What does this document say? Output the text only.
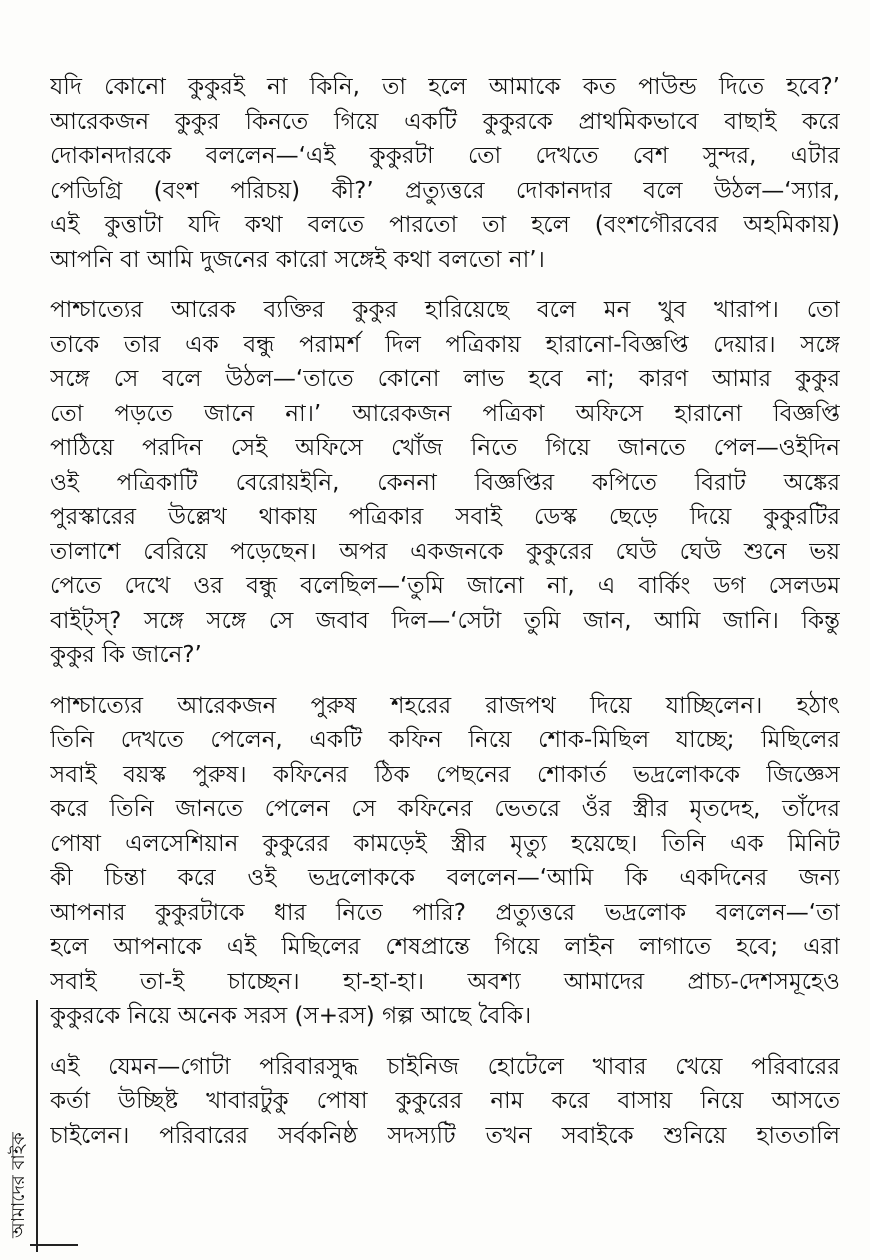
যদি কোনো কুকুরই না কিনি, তা হলে আমাকে কত পাউন্ড দিতে হবে?’
আরেকজন কুকুর কিনতে গিয়ে একটি কুকুরকে প্রাথমিকভাবে বাছাই করে
দোকানদারকে বললেন—‘এই কুকুরটা তো দেখতে বেশ সুন্দর, এটার
পেডিগ্রি (বংশ পরিচয়) কী?’ প্রত্যুত্তরে দোকানদার বলে উঠল—‘স্যার,
এই কুত্তাটা যদি কথা বলতে পারতো তা হলে (বংশগৌরবের অহমিকায়)
আপনি বা আমি দুজনের কারো সঙ্গেই কথা বলতো না’।
পাশ্চাত্যের আরেক ব্যক্তির কুকুর হারিয়েছে বলে মন খুব খারাপ। তো
তাকে তার এক বন্ধু পরামর্শ দিল পত্রিকায় হারানো-বিজ্ঞপ্তি দেয়ার। সঙ্গে
সঙ্গে সে বলে উঠল—‘তাতে কোনো লাভ হবে না; কারণ আমার কুকুর
তো পড়তে জানে না।’ আরেকজন পত্রিকা অফিসে হারানো বিজ্ঞপ্তি
পাঠিয়ে পরদিন সেই অফিসে খোঁজ নিতে গিয়ে জানতে পেল—ওইদিন
ওই পত্রিকাটি বেরোয়ইনি, কেননা বিজ্ঞপ্তির কপিতে বিরাট অঙ্কের
পুরস্কারের উল্লেখ থাকায় পত্রিকার সবাই ডেস্ক ছেড়ে দিয়ে কুকুরটির
তালাশে বেরিয়ে পড়েছেন। অপর একজনকে কুকুরের ঘেউ ঘেউ শুনে ভয়
পেতে দেখে ওর বন্ধু বলেছিল—‘তুমি জানো না, এ বার্কিং ডগ সেলডম
বাইট্‌স্? সঙ্গে সঙ্গে সে জবাব দিল—‘সেটা তুমি জান, আমি জানি। কিন্তু
কুকুর কি জানে?’
পাশ্চাত্যের আরেকজন পুরুষ শহরের রাজপথ দিয়ে যাচ্ছিলেন। হঠাৎ
তিনি দেখতে পেলেন, একটি কফিন নিয়ে শোক-মিছিল যাচ্ছে; মিছিলের
সবাই বয়স্ক পুরুষ। কফিনের ঠিক পেছনের শোকার্ত ভদ্রলোককে জিজ্ঞেস
করে তিনি জানতে পেলেন সে কফিনের ভেতরে ওঁর স্ত্রীর মৃতদেহ, তাঁদের
পোষা এলসেশিয়ান কুকুরের কামড়েই স্ত্রীর মৃত্যু হয়েছে। তিনি এক মিনিট
কী চিন্তা করে ওই ভদ্রলোককে বললেন—‘আমি কি একদিনের জন্য
আপনার কুকুরটাকে ধার নিতে পারি? প্রত্যুত্তরে ভদ্রলোক বললেন—‘তা
হলে আপনাকে এই মিছিলের শেষপ্রান্তে গিয়ে লাইন লাগাতে হবে; এরা
সবাই তা-ই চাচ্ছেন। হা-হা-হা। অবশ্য আমাদের প্রাচ্য-দেশসমূহেও
কুকুরকে নিয়ে অনেক সরস (স+রস) গল্প আছে বৈকি।
এই যেমন—গোটা পরিবারসুদ্ধ চাইনিজ হোটেলে খাবার খেয়ে পরিবারের
কর্তা উচ্ছিষ্ট খাবারটুকু পোষা কুকুরের নাম করে বাসায় নিয়ে আসতে
চাইলেন। পরিবারের সর্বকনিষ্ঠ সদস্যটি তখন সবাইকে শুনিয়ে হাততালি
আমাদের বাইক
